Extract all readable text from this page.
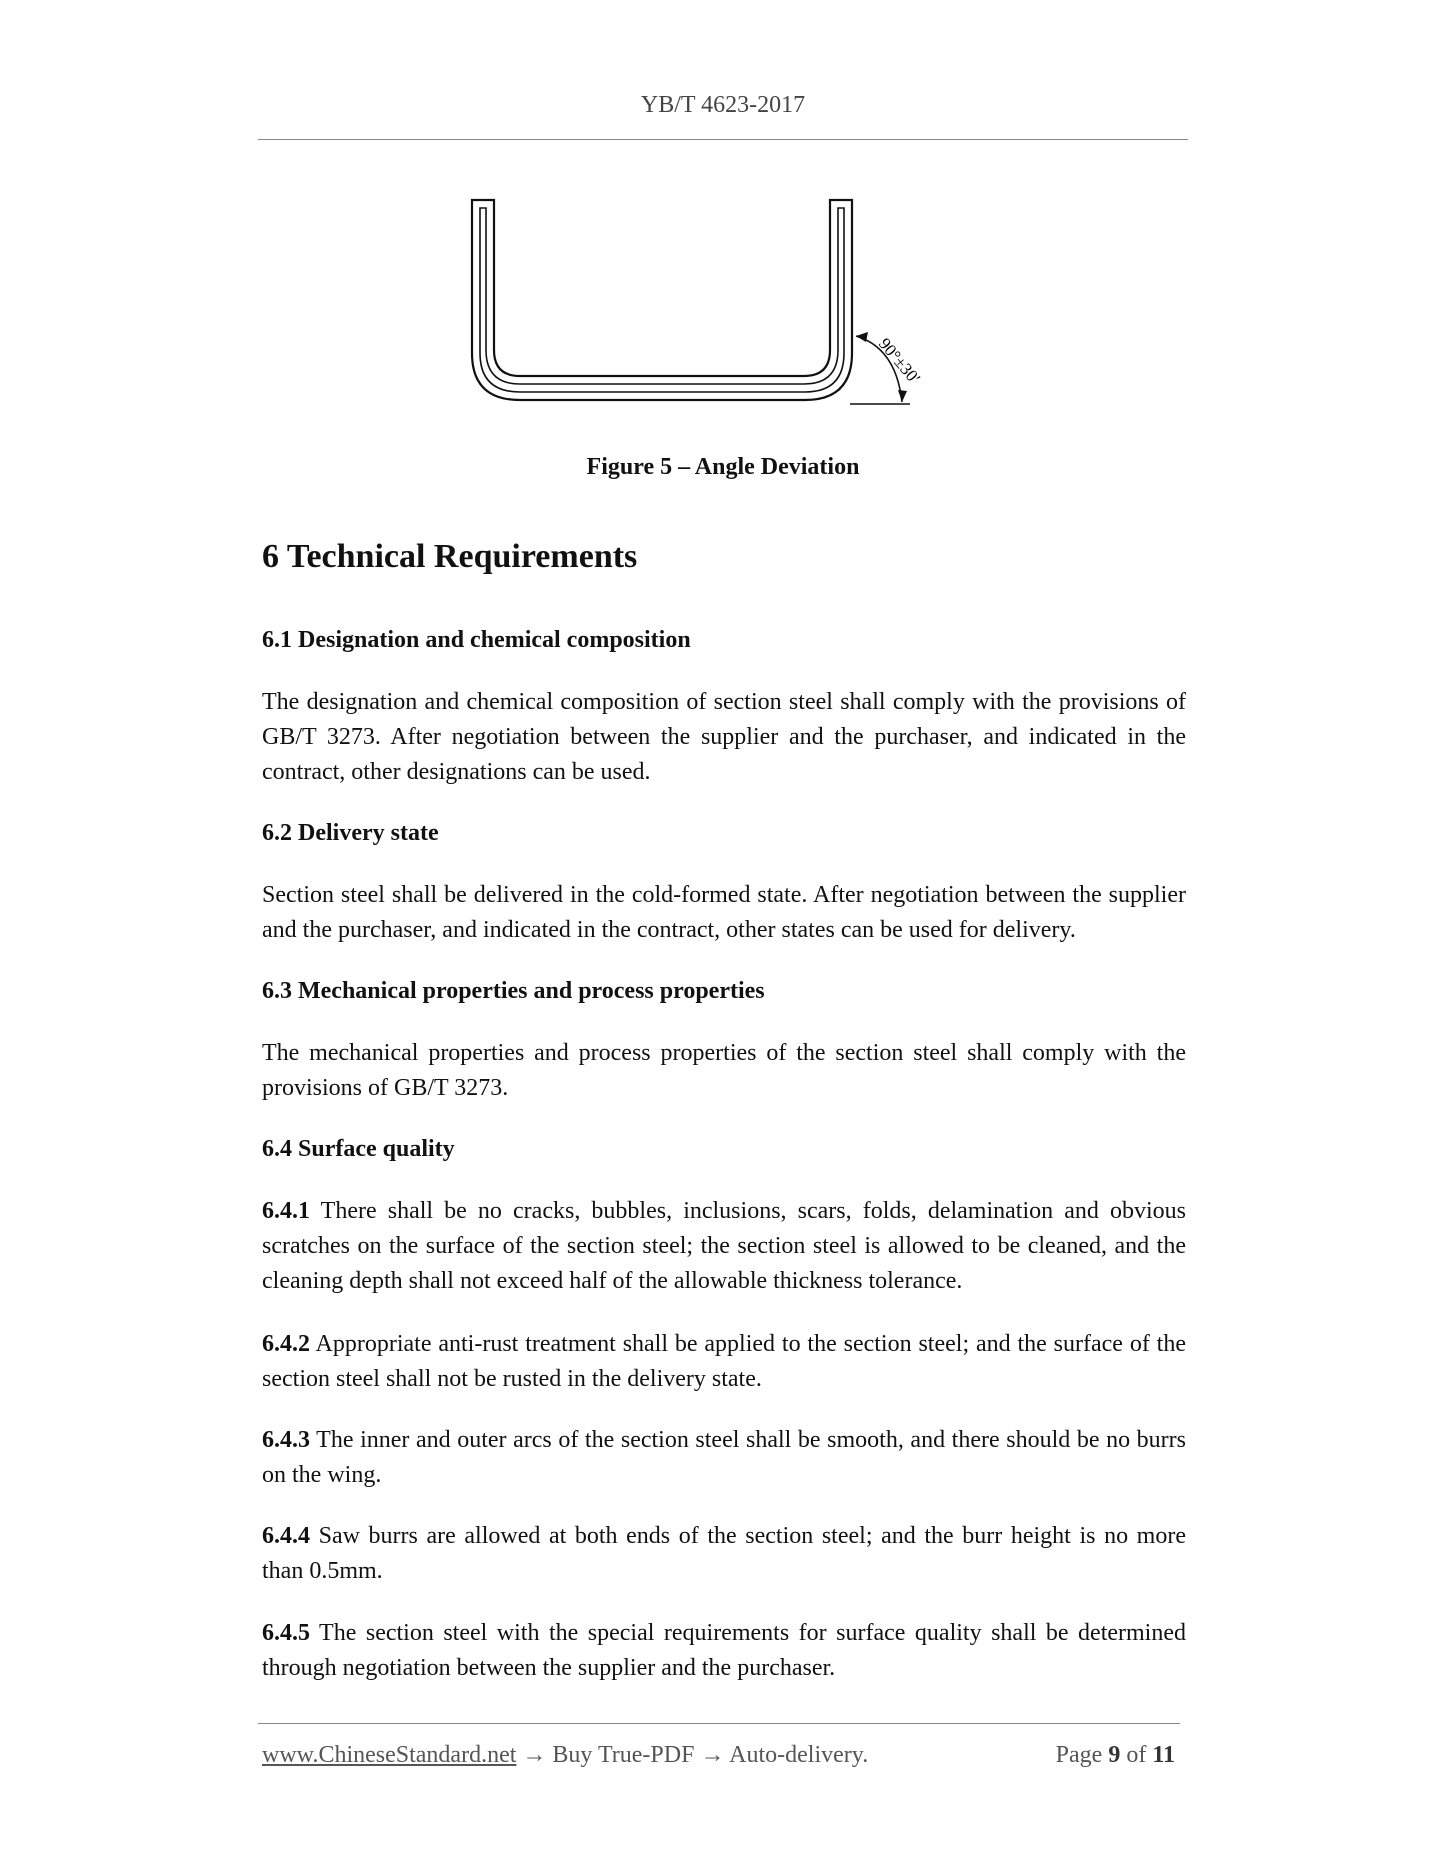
YB/T 4623-2017
90°±30′
Figure 5 – Angle Deviation
6 Technical Requirements
6.1 Designation and chemical composition

The designation and chemical composition of section steel shall comply with the provisions of GB/T 3273. After negotiation between the supplier and the purchaser, and indicated in the contract, other designations can be used.

6.2 Delivery state

Section steel shall be delivered in the cold-formed state. After negotiation between the supplier and the purchaser, and indicated in the contract, other states can be used for delivery.

6.3 Mechanical properties and process properties

The mechanical properties and process properties of the section steel shall comply with the provisions of GB/T 3273.

6.4 Surface quality

6.4.1 There shall be no cracks, bubbles, inclusions, scars, folds, delamination and obvious scratches on the surface of the section steel; the section steel is allowed to be cleaned, and the cleaning depth shall not exceed half of the allowable thickness tolerance.

6.4.2 Appropriate anti-rust treatment shall be applied to the section steel; and the surface of the section steel shall not be rusted in the delivery state.

6.4.3 The inner and outer arcs of the section steel shall be smooth, and there should be no burrs on the wing.

6.4.4 Saw burrs are allowed at both ends of the section steel; and the burr height is no more than 0.5mm.

6.4.5 The section steel with the special requirements for surface quality shall be determined through negotiation between the supplier and the purchaser.

www.ChineseStandard.net → Buy True-PDF → Auto-delivery.	Page 9 of 11
